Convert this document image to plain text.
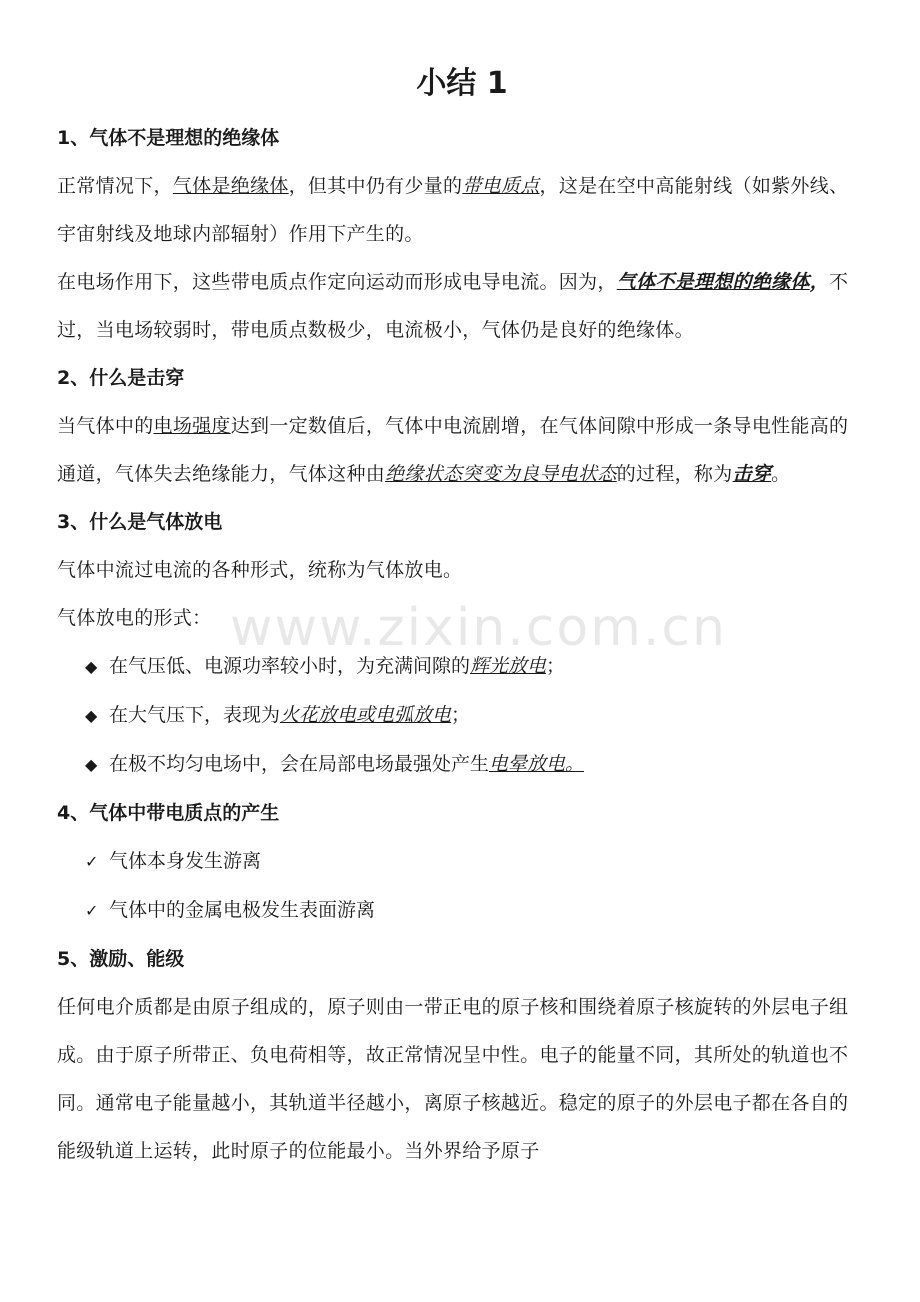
小结 1
1、气体不是理想的绝缘体

正常情况下，气体是绝缘体，但其中仍有少量的带电质点，这是在空中高能射线（如紫外线、宇宙射线及地球内部辐射）作用下产生的。

在电场作用下，这些带电质点作定向运动而形成电导电流。因为，气体不是理想的绝缘体，不过，当电场较弱时，带电质点数极少，电流极小，气体仍是良好的绝缘体。

2、什么是击穿

当气体中的电场强度达到一定数值后，气体中电流剧增，在气体间隙中形成一条导电性能高的通道，气体失去绝缘能力，气体这种由绝缘状态突变为良导电状态的过程，称为击穿。

3、什么是气体放电

气体中流过电流的各种形式，统称为气体放电。

气体放电的形式：

◆ 在气压低、电源功率较小时，为充满间隙的辉光放电；
◆ 在大气压下，表现为火花放电或电弧放电；
◆ 在极不均匀电场中，会在局部电场最强处产生电晕放电。
4、气体中带电质点的产生
✓ 气体本身发生游离
✓ 气体中的金属电极发生表面游离
5、激励、能级

任何电介质都是由原子组成的，原子则由一带正电的原子核和围绕着原子核旋转的外层电子组成。由于原子所带正、负电荷相等，故正常情况呈中性。电子的能量不同，其所处的轨道也不同。通常电子能量越小，其轨道半径越小，离原子核越近。稳定的原子的外层电子都在各自的能级轨道上运转，此时原子的位能最小。当外界给予原子

www.zixin.com.cn
